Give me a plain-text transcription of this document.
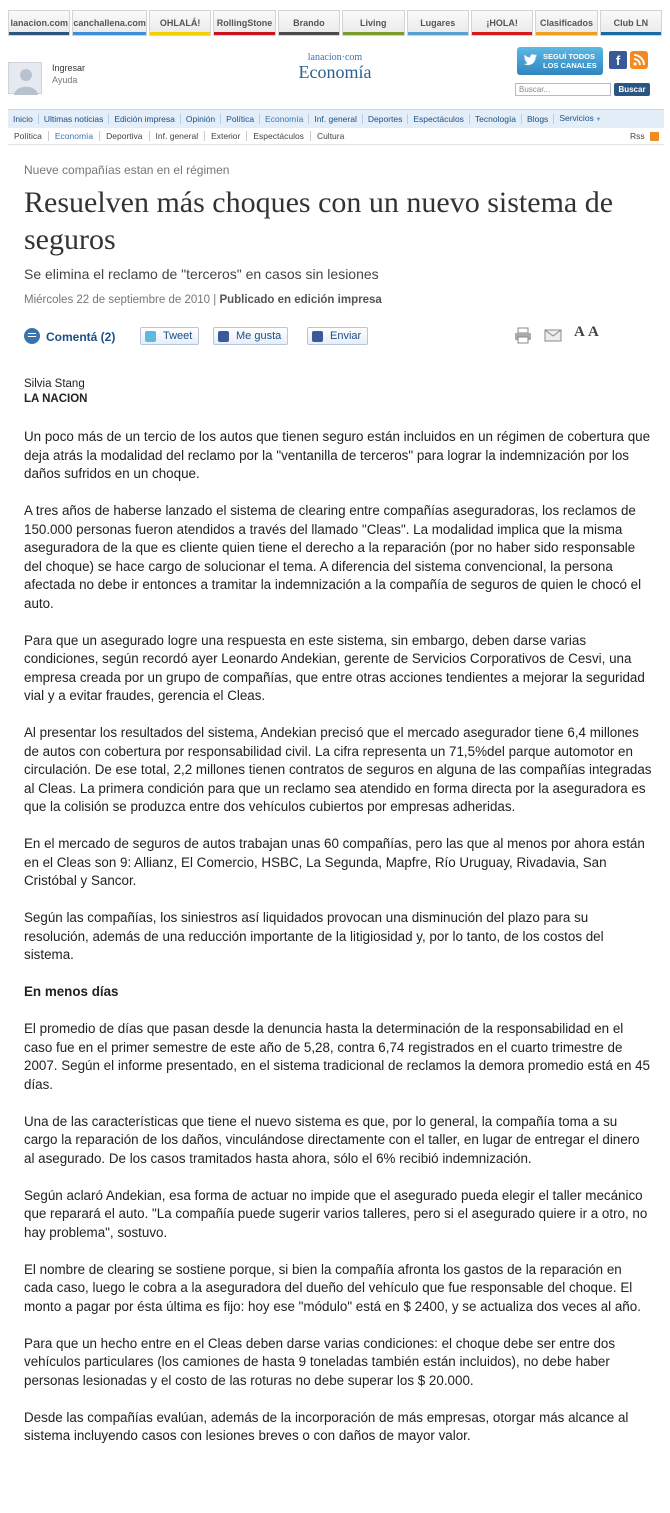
lanacion.com canchallena.com OHLALÁ! RollingStone Brando	Living	Lugares	¡HOLA! Clasificados Club LN
Ingresar
Ayuda
lanacion·com
Economía
SEGUÍ TODOS
LOS CANALES	f
Buscar...	Buscar
Inicio	Ultimas noticias	Edición impresa	Opinión	Política	Economía	Inf. general	Deportes	Espectáculos	Tecnología	Blogs	Servicios ▼
Política	Economía	Deportiva	Inf. general	Exterior	Espectáculos	Cultura	Rss
Nueve compañías estan en el régimen
Resuelven más choques con un nuevo sistema de seguros
Se elimina el reclamo de "terceros" en casos sin lesiones
Miércoles 22 de septiembre de 2010 | Publicado en edición impresa
Comentá (2)	Tweet	Me gusta	Enviar	A A
Silvia Stang
LA NACION

Un poco más de un tercio de los autos que tienen seguro están incluidos en un régimen de cobertura que deja atrás la modalidad del reclamo por la "ventanilla de terceros" para lograr la indemnización por los daños sufridos en un choque.

A tres años de haberse lanzado el sistema de clearing entre compañías aseguradoras, los reclamos de 150.000 personas fueron atendidos a través del llamado "Cleas". La modalidad implica que la misma aseguradora de la que es cliente quien tiene el derecho a la reparación (por no haber sido responsable del choque) se hace cargo de solucionar el tema. A diferencia del sistema convencional, la persona afectada no debe ir entonces a tramitar la indemnización a la compañía de seguros de quien le chocó el auto.

Para que un asegurado logre una respuesta en este sistema, sin embargo, deben darse varias condiciones, según recordó ayer Leonardo Andekian, gerente de Servicios Corporativos de Cesvi, una empresa creada por un grupo de compañías, que entre otras acciones tendientes a mejorar la seguridad vial y a evitar fraudes, gerencia el Cleas.

Al presentar los resultados del sistema, Andekian precisó que el mercado asegurador tiene 6,4 millones de autos con cobertura por responsabilidad civil. La cifra representa un 71,5%del parque automotor en circulación. De ese total, 2,2 millones tienen contratos de seguros en alguna de las compañías integradas al Cleas. La primera condición para que un reclamo sea atendido en forma directa por la aseguradora es que la colisión se produzca entre dos vehículos cubiertos por empresas adheridas.

En el mercado de seguros de autos trabajan unas 60 compañías, pero las que al menos por ahora están en el Cleas son 9: Allianz, El Comercio, HSBC, La Segunda, Mapfre, Río Uruguay, Rivadavia, San Cristóbal y Sancor.

Según las compañías, los siniestros así liquidados provocan una disminución del plazo para su resolución, además de una reducción importante de la litigiosidad y, por lo tanto, de los costos del sistema.

En menos días

El promedio de días que pasan desde la denuncia hasta la determinación de la responsabilidad en el caso fue en el primer semestre de este año de 5,28, contra 6,74 registrados en el cuarto trimestre de 2007. Según el informe presentado, en el sistema tradicional de reclamos la demora promedio está en 45 días.

Una de las características que tiene el nuevo sistema es que, por lo general, la compañía toma a su cargo la reparación de los daños, vinculándose directamente con el taller, en lugar de entregar el dinero al asegurado. De los casos tramitados hasta ahora, sólo el 6% recibió indemnización.

Según aclaró Andekian, esa forma de actuar no impide que el asegurado pueda elegir el taller mecánico que reparará el auto. "La compañía puede sugerir varios talleres, pero si el asegurado quiere ir a otro, no hay problema", sostuvo.

El nombre de clearing se sostiene porque, si bien la compañía afronta los gastos de la reparación en cada caso, luego le cobra a la aseguradora del dueño del vehículo que fue responsable del choque. El monto a pagar por ésta última es fijo: hoy ese "módulo" está en $ 2400, y se actualiza dos veces al año.

Para que un hecho entre en el Cleas deben darse varias condiciones: el choque debe ser entre dos vehículos particulares (los camiones de hasta 9 toneladas también están incluidos), no debe haber personas lesionadas y el costo de las roturas no debe superar los $ 20.000.

Desde las compañías evalúan, además de la incorporación de más empresas, otorgar más alcance al sistema incluyendo casos con lesiones breves o con daños de mayor valor.
